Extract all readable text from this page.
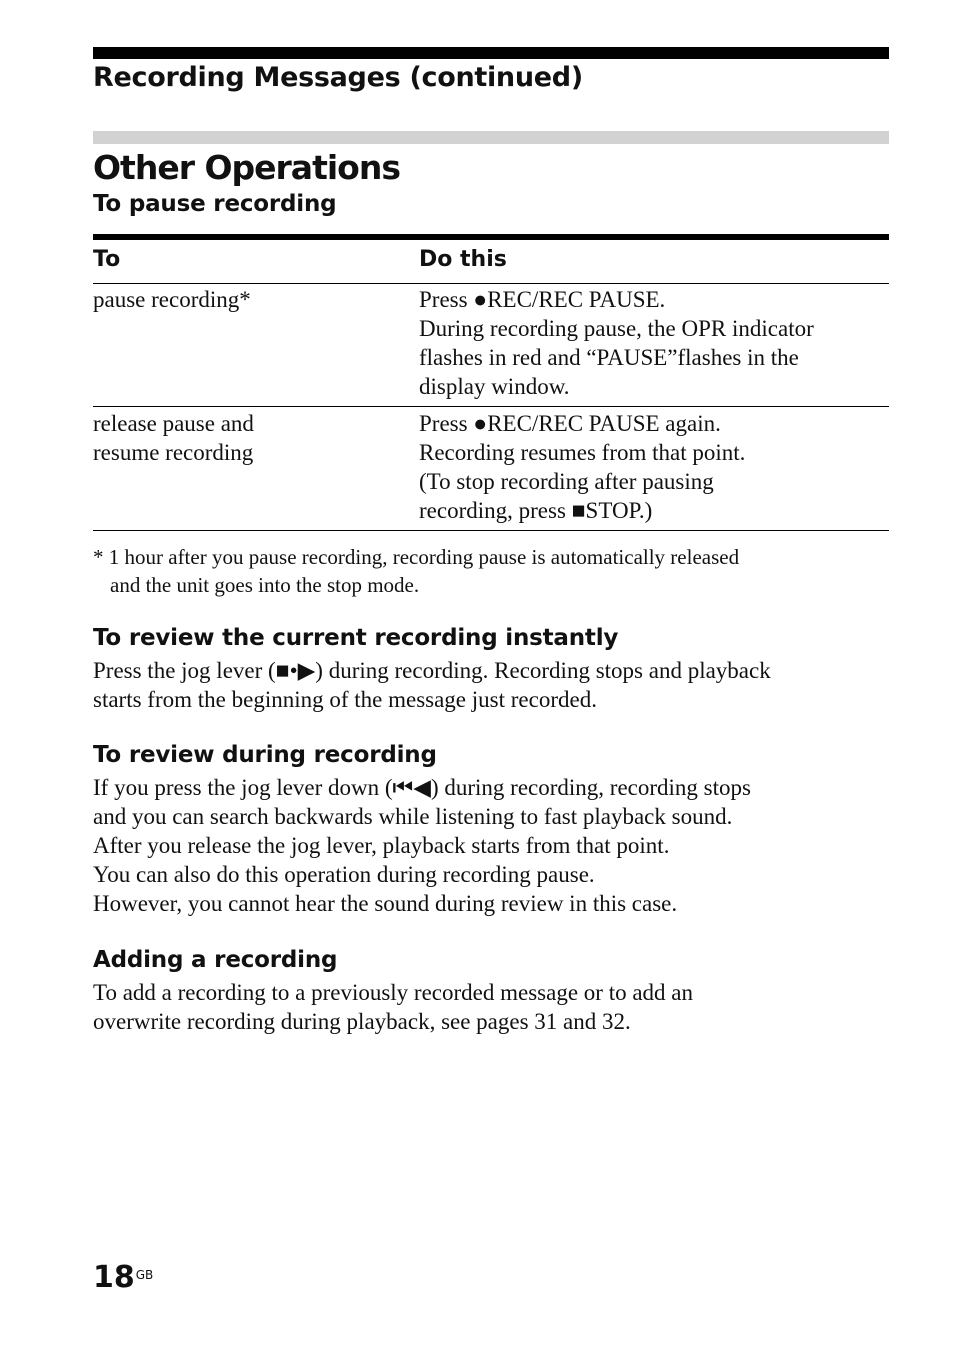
Recording Messages (continued)
Other Operations
To pause recording
To	Do this

pause recording*	Press ●REC/REC PAUSE.

During recording pause, the OPR indicator

flashes in red and “PAUSE”flashes in the

display window.

release pause and

resume recording

Press ●REC/REC PAUSE again.

Recording resumes from that point.

(To stop recording after pausing

recording, press ■STOP.)

* 1 hour after you pause recording, recording pause is automatically released

and the unit goes into the stop mode.

To review the current recording instantly

Press the jog lever (■•▶) during recording. Recording stops and playback

starts from the beginning of the message just recorded.

To review during recording

If you press the jog lever down (⏮◀) during recording, recording stops

and you can search backwards while listening to fast playback sound.

After you release the jog lever, playback starts from that point.

You can also do this operation during recording pause.

However, you cannot hear the sound during review in this case.

Adding a recording

To add a recording to a previously recorded message or to add an

overwrite recording during playback, see pages 31 and 32.

$18^{GB}$
